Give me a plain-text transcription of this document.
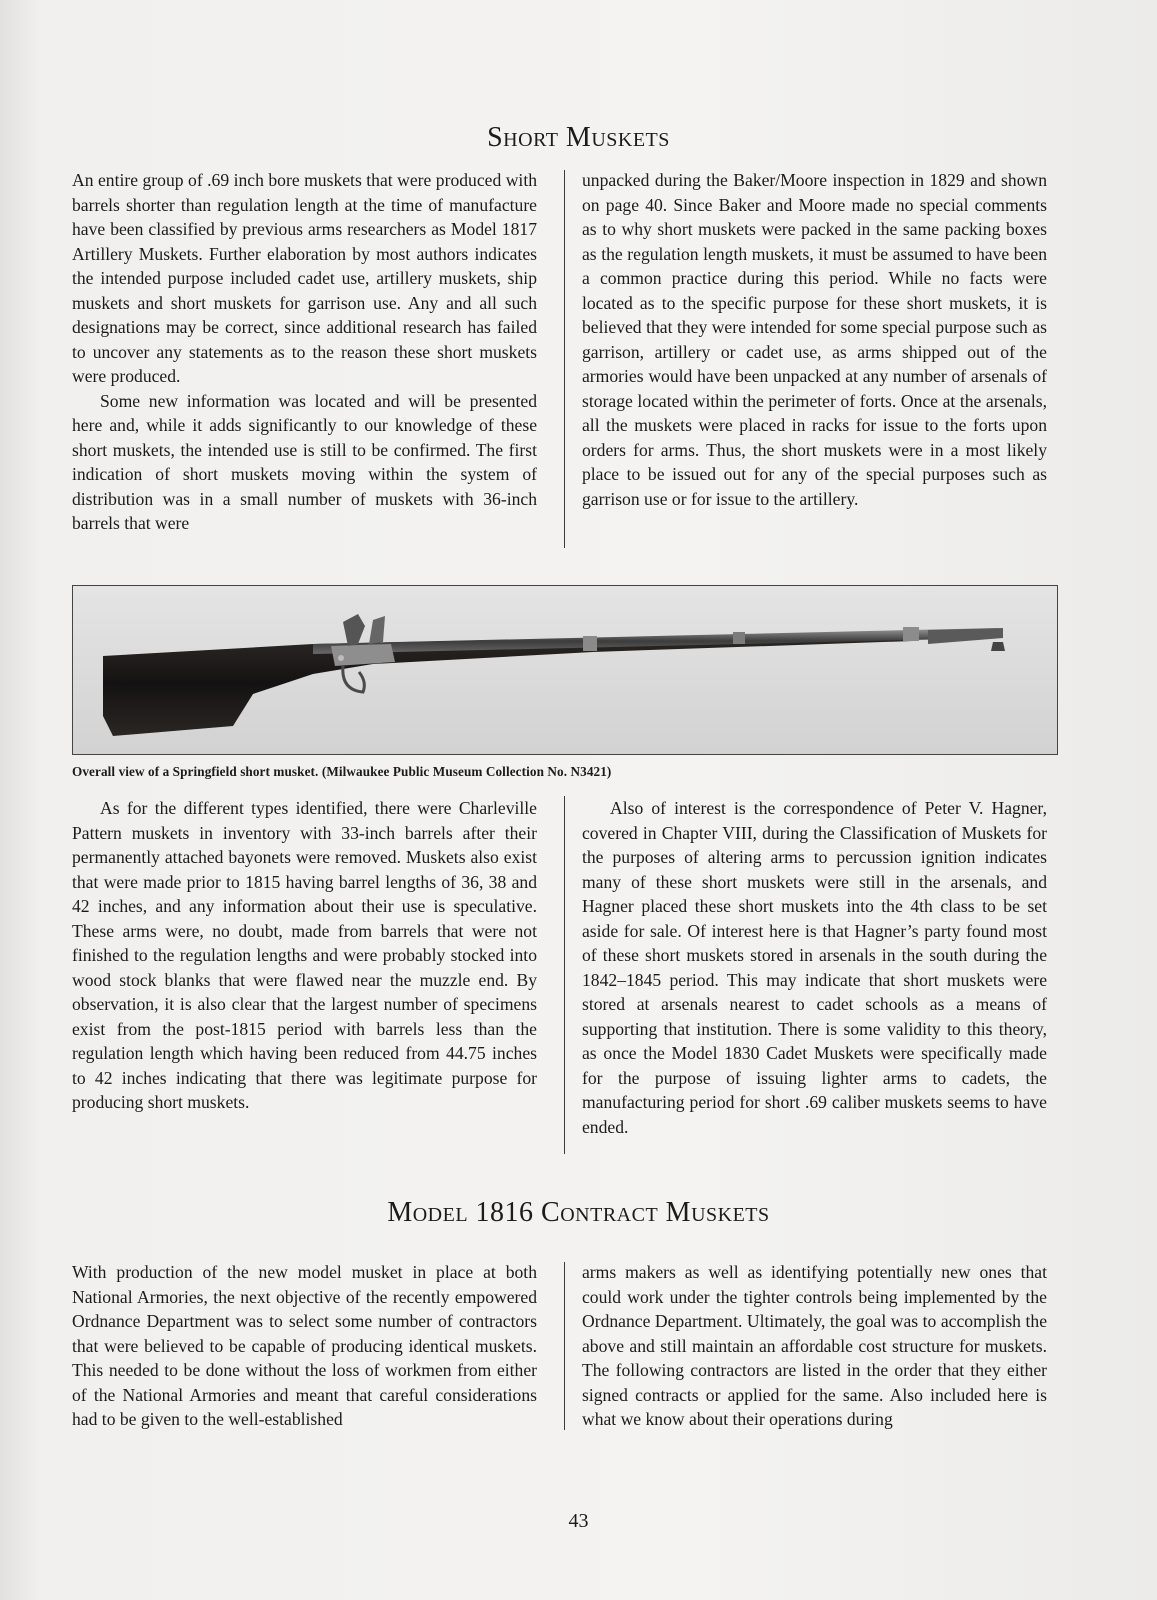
Short Muskets

An entire group of .69 inch bore muskets that were produced with barrels shorter than regulation length at the time of manufacture have been classified by previous arms researchers as Model 1817 Artillery Muskets. Further elaboration by most authors indicates the intended purpose included cadet use, artillery muskets, ship muskets and short muskets for garrison use. Any and all such designations may be correct, since additional research has failed to uncover any statements as to the reason these short muskets were produced.

Some new information was located and will be presented here and, while it adds significantly to our knowledge of these short muskets, the intended use is still to be confirmed. The first indication of short muskets moving within the system of distribution was in a small number of muskets with 36-inch barrels that were

unpacked during the Baker/Moore inspection in 1829 and shown on page 40. Since Baker and Moore made no special comments as to why short muskets were packed in the same packing boxes as the regulation length muskets, it must be assumed to have been a common practice during this period. While no facts were located as to the specific purpose for these short muskets, it is believed that they were intended for some special purpose such as garrison, artillery or cadet use, as arms shipped out of the armories would have been unpacked at any number of arsenals of storage located within the perimeter of forts. Once at the arsenals, all the muskets were placed in racks for issue to the forts upon orders for arms. Thus, the short muskets were in a most likely place to be issued out for any of the special purposes such as garrison use or for issue to the artillery.

Overall view of a Springfield short musket. (Milwaukee Public Museum Collection No. N3421)

As for the different types identified, there were Charleville Pattern muskets in inventory with 33-inch barrels after their permanently attached bayonets were removed. Muskets also exist that were made prior to 1815 having barrel lengths of 36, 38 and 42 inches, and any information about their use is speculative. These arms were, no doubt, made from barrels that were not finished to the regulation lengths and were probably stocked into wood stock blanks that were flawed near the muzzle end. By observation, it is also clear that the largest number of specimens exist from the post-1815 period with barrels less than the regulation length which having been reduced from 44.75 inches to 42 inches indicating that there was legitimate purpose for producing short muskets.

Also of interest is the correspondence of Peter V. Hagner, covered in Chapter VIII, during the Classification of Muskets for the purposes of altering arms to percussion ignition indicates many of these short muskets were still in the arsenals, and Hagner placed these short muskets into the 4th class to be set aside for sale. Of interest here is that Hagner’s party found most of these short muskets stored in arsenals in the south during the 1842–1845 period. This may indicate that short muskets were stored at arsenals nearest to cadet schools as a means of supporting that institution. There is some validity to this theory, as once the Model 1830 Cadet Muskets were specifically made for the purpose of issuing lighter arms to cadets, the manufacturing period for short .69 caliber muskets seems to have ended.

Model 1816 Contract Muskets

With production of the new model musket in place at both National Armories, the next objective of the recently empowered Ordnance Department was to select some number of contractors that were believed to be capable of producing identical muskets. This needed to be done without the loss of workmen from either of the National Armories and meant that careful considerations had to be given to the well-established

arms makers as well as identifying potentially new ones that could work under the tighter controls being implemented by the Ordnance Department. Ultimately, the goal was to accomplish the above and still maintain an affordable cost structure for muskets. The following contractors are listed in the order that they either signed contracts or applied for the same. Also included here is what we know about their operations during

43
